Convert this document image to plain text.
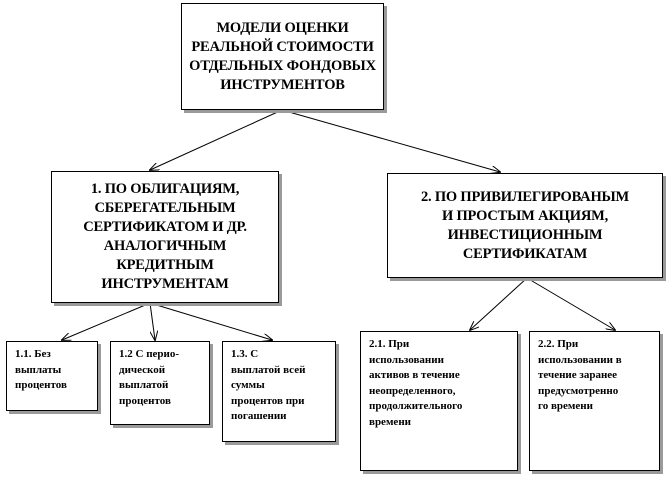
МОДЕЛИ ОЦЕНКИ
РЕАЛЬНОЙ СТОИМОСТИ
ОТДЕЛЬНЫХ ФОНДОВЫХ
ИНСТРУМЕНТОВ
1. ПО ОБЛИГАЦИЯМ,
СБЕРЕГАТЕЛЬНЫМ
СЕРТИФИКАТОМ И ДР.
АНАЛОГИЧНЫМ
КРЕДИТНЫМ
ИНСТРУМЕНТАМ
2. ПО ПРИВИЛЕГИРОВАНЫМ
И ПРОСТЫМ АКЦИЯМ,
ИНВЕСТИЦИОННЫМ
СЕРТИФИКАТАМ
1.1. Без
выплаты
процентов
1.2 С перио-
дической
выплатой
процентов
1.3. С
выплатой всей
суммы
процентов при
погашении
2.1. При
использовании
активов в течение
неопределенного,
продолжительного
времени
2.2. При
использовании в
течение заранее
предусмотренно
го времени
